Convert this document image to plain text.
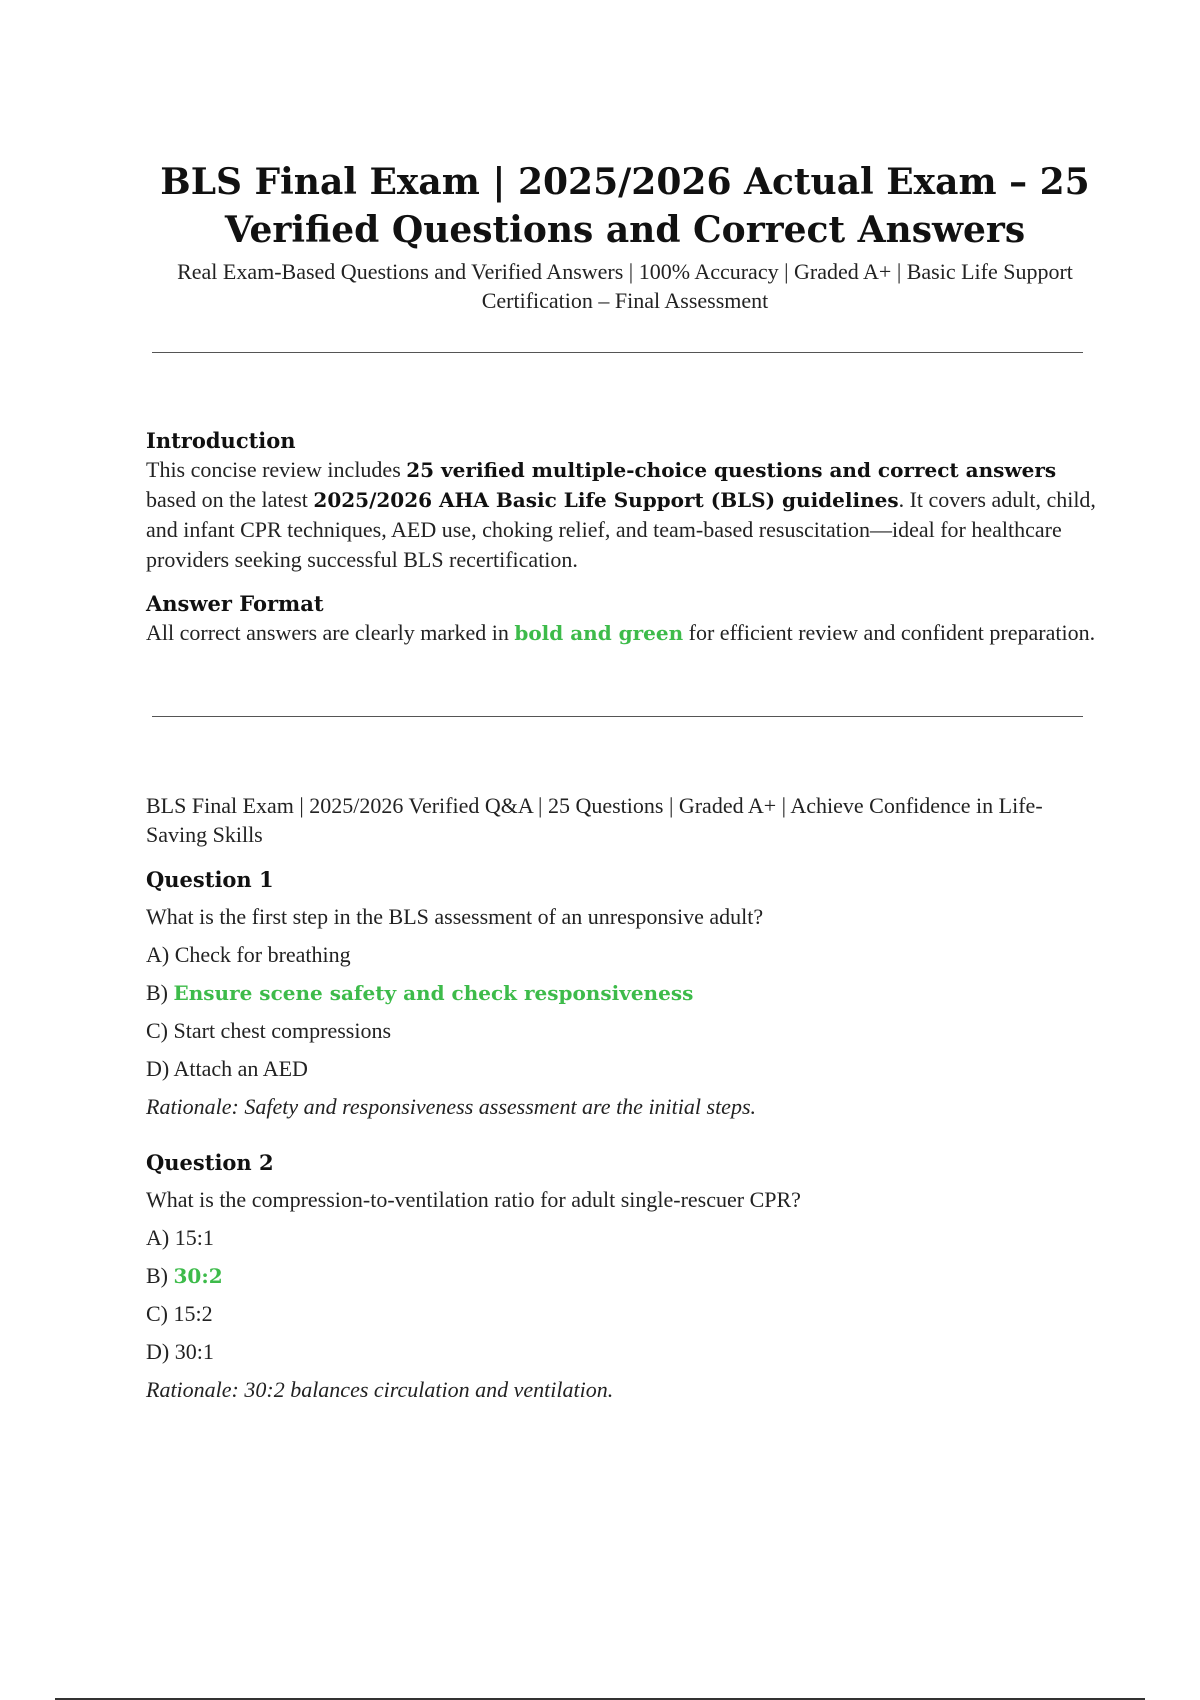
BLS Final Exam | 2025/2026 Actual Exam – 25 Verified Questions and Correct Answers
Real Exam-Based Questions and Verified Answers | 100% Accuracy | Graded A+ | Basic Life Support Certification – Final Assessment
Introduction
This concise review includes 25 verified multiple-choice questions and correct answers based on the latest 2025/2026 AHA Basic Life Support (BLS) guidelines. It covers adult, child, and infant CPR techniques, AED use, choking relief, and team-based resuscitation—ideal for healthcare providers seeking successful BLS recertification.
Answer Format
All correct answers are clearly marked in bold and green for efficient review and confident preparation.
BLS Final Exam | 2025/2026 Verified Q&A | 25 Questions | Graded A+ | Achieve Confidence in Life-Saving Skills
Question 1
What is the first step in the BLS assessment of an unresponsive adult?
A) Check for breathing
B) Ensure scene safety and check responsiveness
C) Start chest compressions
D) Attach an AED
Rationale: Safety and responsiveness assessment are the initial steps.
Question 2
What is the compression-to-ventilation ratio for adult single-rescuer CPR?
A) 15:1
B) 30:2
C) 15:2
D) 30:1
Rationale: 30:2 balances circulation and ventilation.
